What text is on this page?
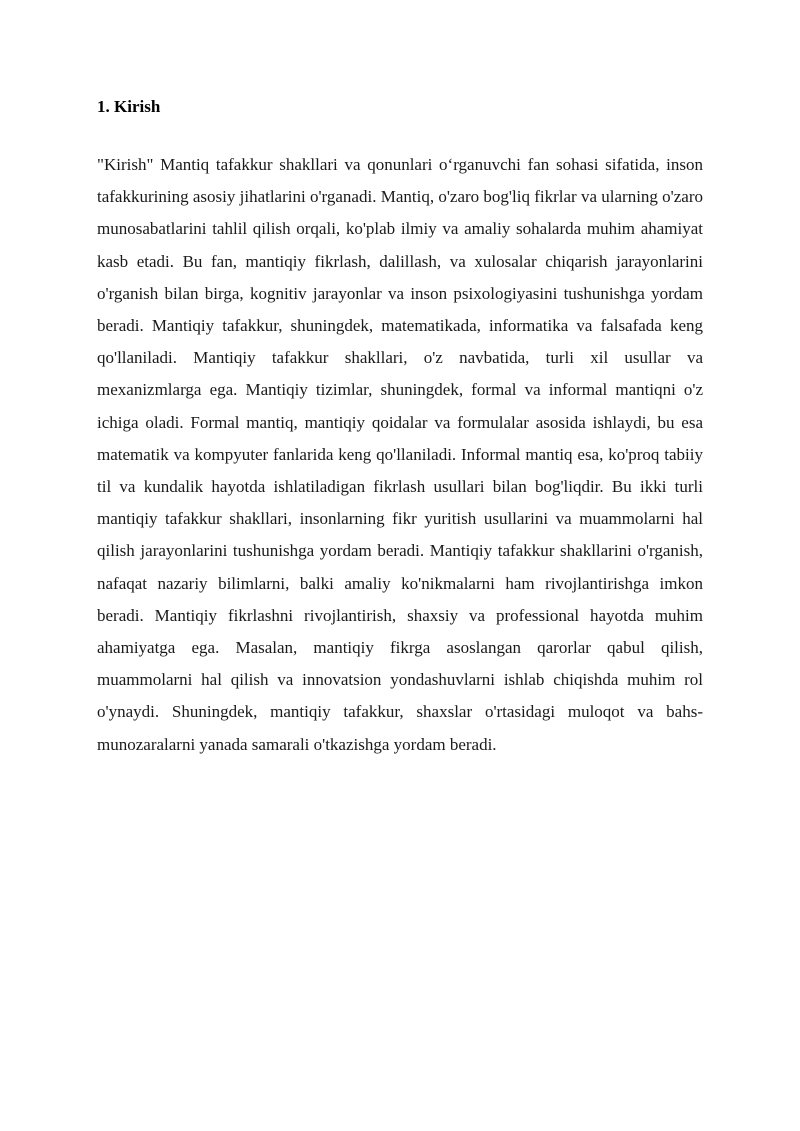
1. Kirish

"Kirish" Mantiq tafakkur shakllari va qonunlari o‘rganuvchi fan sohasi sifatida, inson tafakkurining asosiy jihatlarini o'rganadi. Mantiq, o'zaro bog'liq fikrlar va ularning o'zaro munosabatlarini tahlil qilish orqali, ko'plab ilmiy va amaliy sohalarda muhim ahamiyat kasb etadi. Bu fan, mantiqiy fikrlash, dalillash, va xulosalar chiqarish jarayonlarini o'rganish bilan birga, kognitiv jarayonlar va inson psixologiyasini tushunishga yordam beradi. Mantiqiy tafakkur, shuningdek, matematikada, informatika va falsafada keng qo'llaniladi. Mantiqiy tafakkur shakllari, o'z navbatida, turli xil usullar va mexanizmlarga ega. Mantiqiy tizimlar, shuningdek, formal va informal mantiqni o'z ichiga oladi. Formal mantiq, mantiqiy qoidalar va formulalar asosida ishlaydi, bu esa matematik va kompyuter fanlarida keng qo'llaniladi. Informal mantiq esa, ko'proq tabiiy til va kundalik hayotda ishlatiladigan fikrlash usullari bilan bog'liqdir. Bu ikki turli mantiqiy tafakkur shakllari, insonlarning fikr yuritish usullarini va muammolarni hal qilish jarayonlarini tushunishga yordam beradi. Mantiqiy tafakkur shakllarini o'rganish, nafaqat nazariy bilimlarni, balki amaliy ko'nikmalarni ham rivojlantirishga imkon beradi. Mantiqiy fikrlashni rivojlantirish, shaxsiy va professional hayotda muhim ahamiyatga ega. Masalan, mantiqiy fikrga asoslangan qarorlar qabul qilish, muammolarni hal qilish va innovatsion yondashuvlarni ishlab chiqishda muhim rol o'ynaydi. Shuningdek, mantiqiy tafakkur, shaxslar o'rtasidagi muloqot va bahs-munozaralarni yanada samarali o'tkazishga yordam beradi.
